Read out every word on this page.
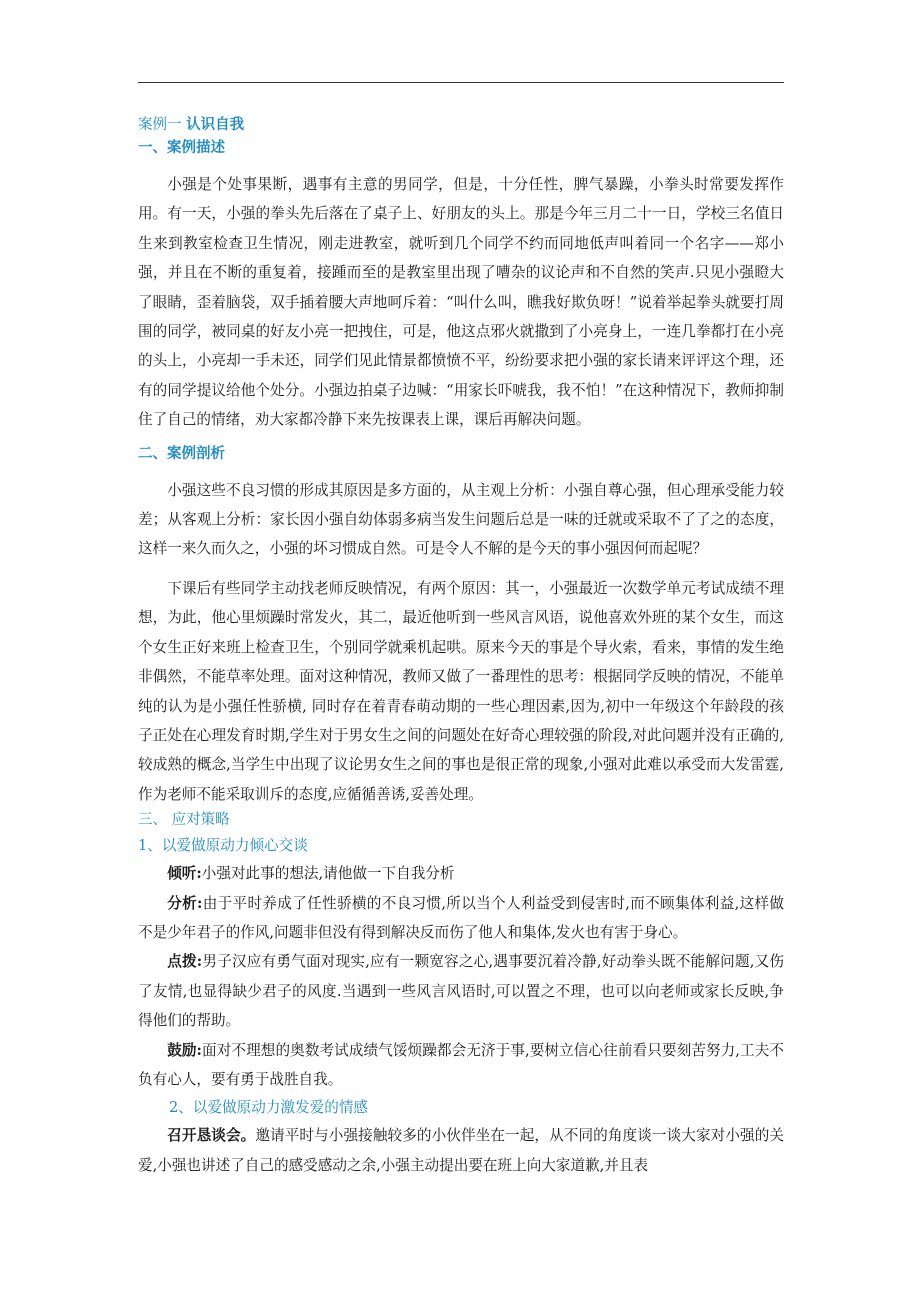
案例一 认识自我

一、案例描述

小强是个处事果断，遇事有主意的男同学，但是，十分任性，脾气暴躁，小拳头时常要发挥作用。有一天，小强的拳头先后落在了桌子上、好朋友的头上。那是今年三月二十一日，学校三名值日生来到教室检查卫生情况，刚走进教室，就听到几个同学不约而同地低声叫着同一个名字——郑小强，并且在不断的重复着，接踵而至的是教室里出现了嘈杂的议论声和不自然的笑声.只见小强瞪大了眼睛，歪着脑袋，双手插着腰大声地呵斥着：“叫什么叫，瞧我好欺负呀！”说着举起拳头就要打周围的同学，被同桌的好友小亮一把拽住，可是，他这点邪火就撒到了小亮身上，一连几拳都打在小亮的头上，小亮却一手未还，同学们见此情景都愤愤不平，纷纷要求把小强的家长请来评评这个理，还有的同学提议给他个处分。小强边拍桌子边喊：“用家长吓唬我，我不怕！”在这种情况下，教师抑制住了自己的情绪，劝大家都冷静下来先按课表上课，课后再解决问题。

二、案例剖析

小强这些不良习惯的形成其原因是多方面的，从主观上分析：小强自尊心强，但心理承受能力较差；从客观上分析：家长因小强自幼体弱多病当发生问题后总是一味的迁就或采取不了了之的态度，这样一来久而久之，小强的坏习惯成自然。可是令人不解的是今天的事小强因何而起呢？

下课后有些同学主动找老师反映情况，有两个原因：其一，小强最近一次数学单元考试成绩不理想，为此，他心里烦躁时常发火，其二，最近他听到一些风言风语，说他喜欢外班的某个女生，而这个女生正好来班上检查卫生，个别同学就乘机起哄。原来今天的事是个导火索，看来，事情的发生绝非偶然，不能草率处理。面对这种情况，教师又做了一番理性的思考：根据同学反映的情况，不能单纯的认为是小强任性骄横, 同时存在着青春萌动期的一些心理因素,因为,初中一年级这个年龄段的孩子正处在心理发育时期,学生对于男女生之间的问题处在好奇心理较强的阶段,对此问题并没有正确的,较成熟的概念,当学生中出现了议论男女生之间的事也是很正常的现象,小强对此难以承受而大发雷霆,作为老师不能采取训斥的态度,应循循善诱,妥善处理。

三、 应对策略

1、以爱做原动力倾心交谈

倾听:小强对此事的想法,请他做一下自我分析

分析:由于平时养成了任性骄横的不良习惯,所以当个人利益受到侵害时,而不顾集体利益,这样做不是少年君子的作风,问题非但没有得到解决反而伤了他人和集体,发火也有害于身心。

点拨:男子汉应有勇气面对现实,应有一颗宽容之心,遇事要沉着冷静,好动拳头既不能解问题,又伤了友情,也显得缺少君子的风度.当遇到一些风言风语时,可以置之不理，也可以向老师或家长反映,争得他们的帮助。

鼓励:面对不理想的奥数考试成绩气馁烦躁都会无济于事,要树立信心往前看只要刻苦努力,工夫不负有心人，要有勇于战胜自我。

2、以爱做原动力激发爱的情感

召开恳谈会。邀请平时与小强接触较多的小伙伴坐在一起，从不同的角度谈一谈大家对小强的关爱,小强也讲述了自己的感受感动之余,小强主动提出要在班上向大家道歉,并且表
